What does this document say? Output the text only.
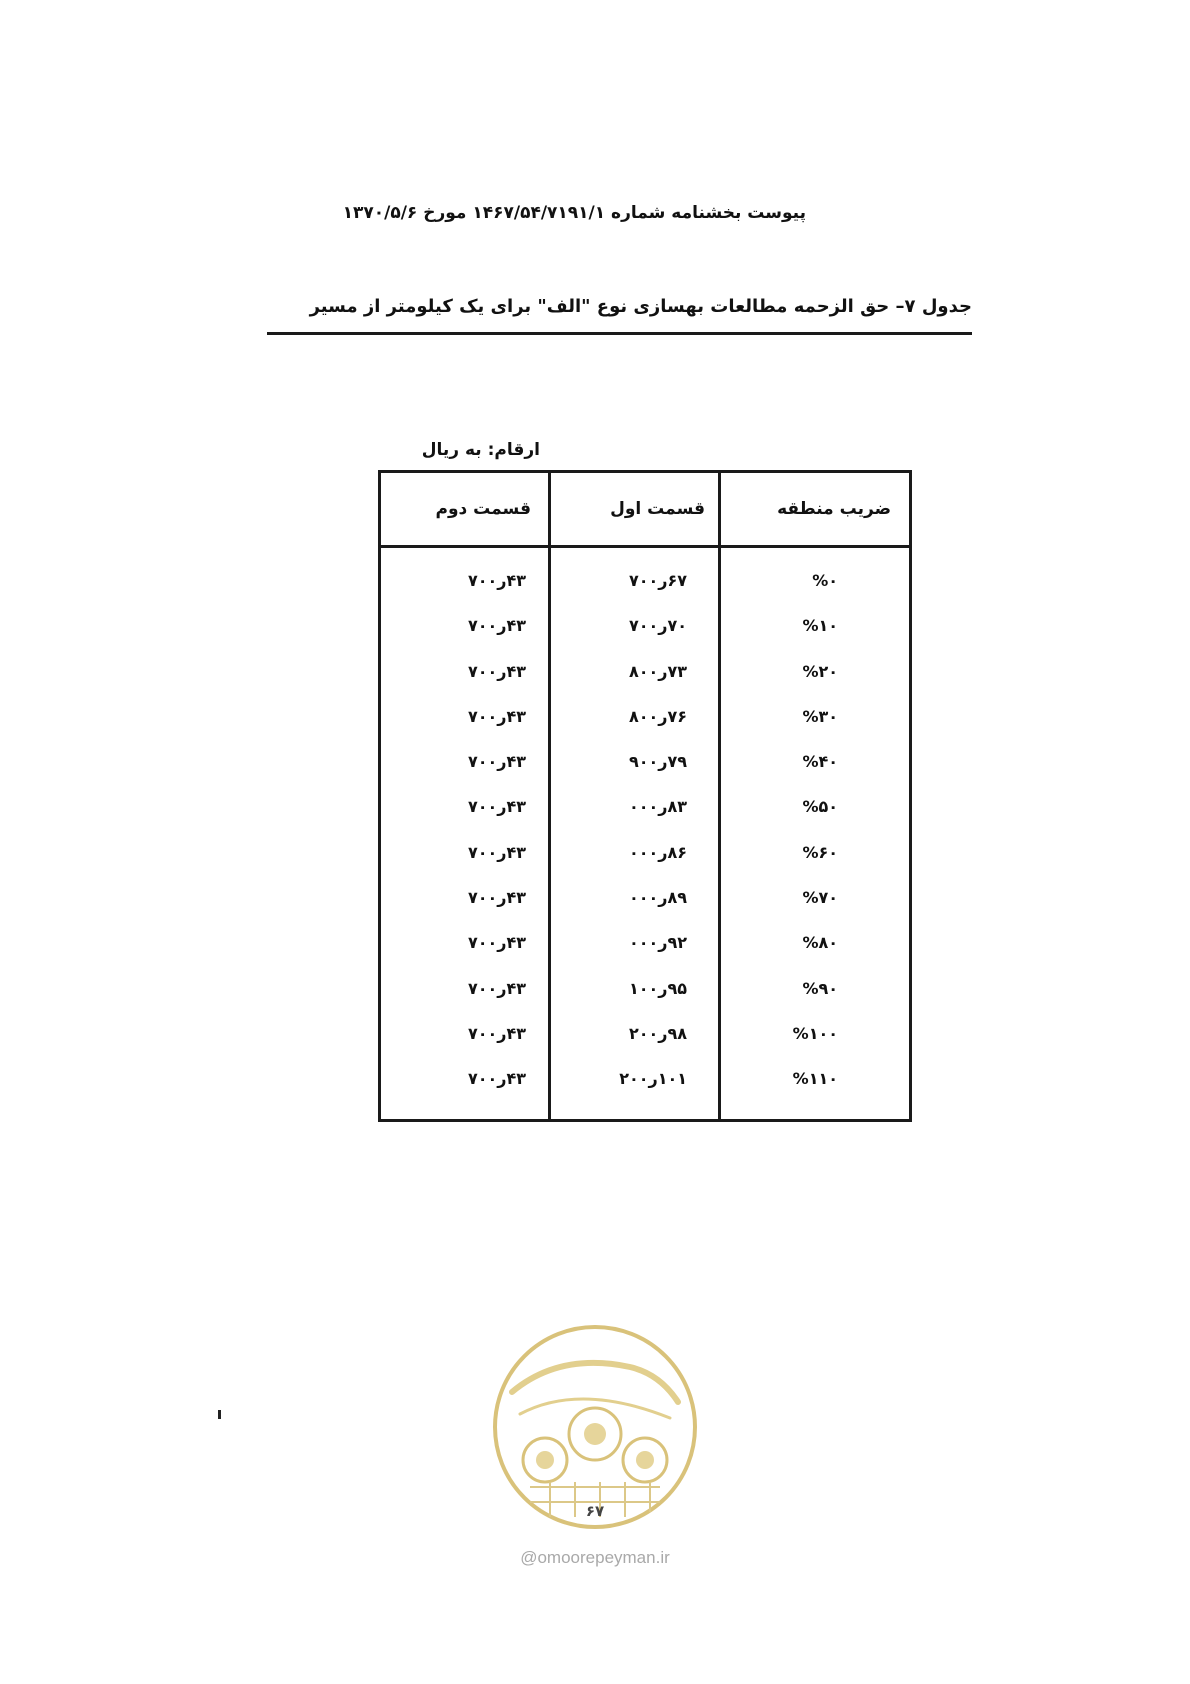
پیوست بخشنامه شماره ۱۴۶۷/۵۴/۷۱۹۱/۱ مورخ ۱۳۷۰/۵/۶
جدول ۷– حق الزحمه مطالعات بهسازی نوع "الف" برای یک کیلومتر از مسیر
ارقام: به ریال
ضریب منطقه
قسمت اول
قسمت دوم
%۰
۶۷ر۷۰۰
۴۳ر۷۰۰
%۱۰
۷۰ر۷۰۰
۴۳ر۷۰۰
%۲۰
۷۳ر۸۰۰
۴۳ر۷۰۰
%۳۰
۷۶ر۸۰۰
۴۳ر۷۰۰
%۴۰
۷۹ر۹۰۰
۴۳ر۷۰۰
%۵۰
۸۳ر۰۰۰
۴۳ر۷۰۰
%۶۰
۸۶ر۰۰۰
۴۳ر۷۰۰
%۷۰
۸۹ر۰۰۰
۴۳ر۷۰۰
%۸۰
۹۲ر۰۰۰
۴۳ر۷۰۰
%۹۰
۹۵ر۱۰۰
۴۳ر۷۰۰
%۱۰۰
۹۸ر۲۰۰
۴۳ر۷۰۰
%۱۱۰
۱۰۱ر۲۰۰
۴۳ر۷۰۰
۶۷
@omoorepeyman.ir
